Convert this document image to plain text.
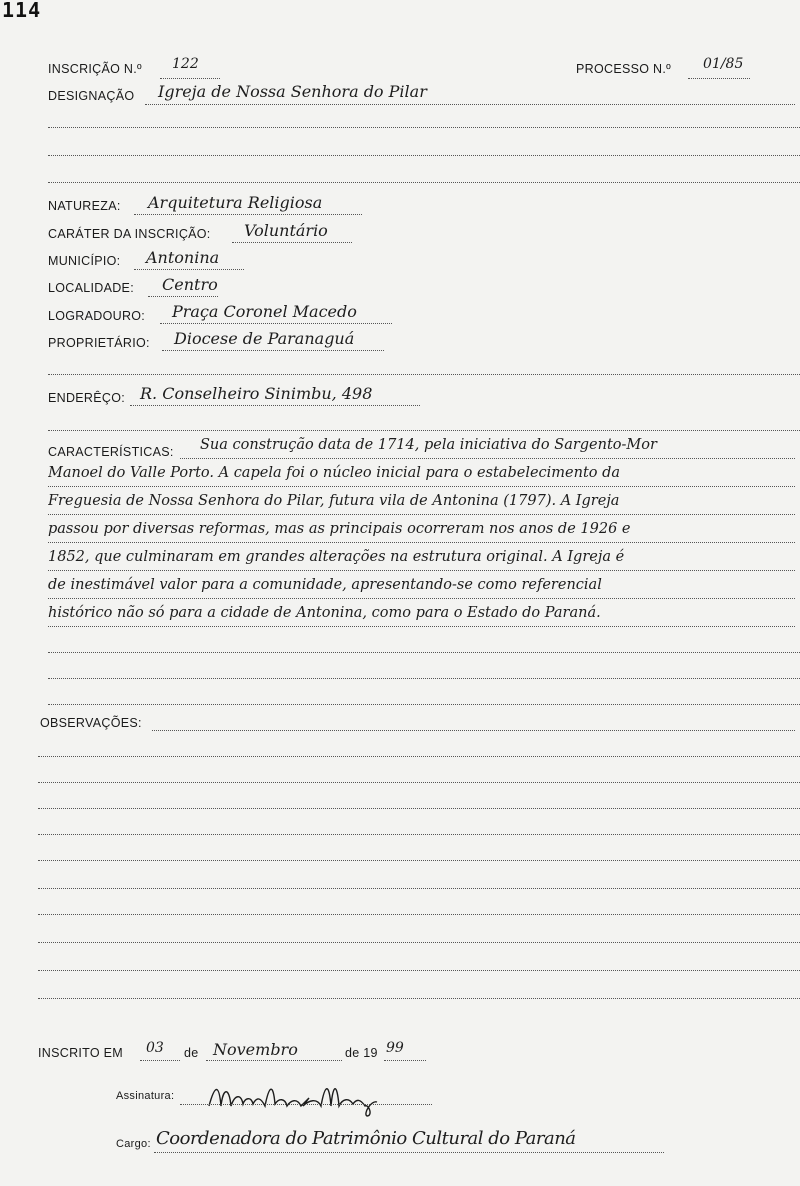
114
INSCRIÇÃO N.º 122	PROCESSO N.º 01/85
DESIGNAÇÃO Igreja de Nossa Senhora do Pilar
NATUREZA: Arquitetura Religiosa
CARÁTER DA INSCRIÇÃO: Voluntário
MUNICÍPIO: Antonina
LOCALIDADE: Centro
LOGRADOURO: Praça Coronel Macedo
PROPRIETÁRIO: Diocese de Paranaguá
ENDERÊÇO: R. Conselheiro Sinimbu, 498
CARACTERÍSTICAS: Sua construção data de 1714, pela iniciativa do Sargento-Mor
Manoel do Valle Porto. A capela foi o núcleo inicial para o estabelecimento da
Freguesia de Nossa Senhora do Pilar, futura vila de Antonina (1797). A Igreja
passou por diversas reformas, mas as principais ocorreram nos anos de 1926 e
1852, que culminaram em grandes alterações na estrutura original. A Igreja é
de inestimável valor para a comunidade, apresentando-se como referencial
histórico não só para a cidade de Antonina, como para o Estado do Paraná.
OBSERVAÇÕES:
INSCRITO EM 03 de Novembro	de 19 99
Assinatura:
Cargo: Coordenadora do Patrimônio Cultural do Paraná
